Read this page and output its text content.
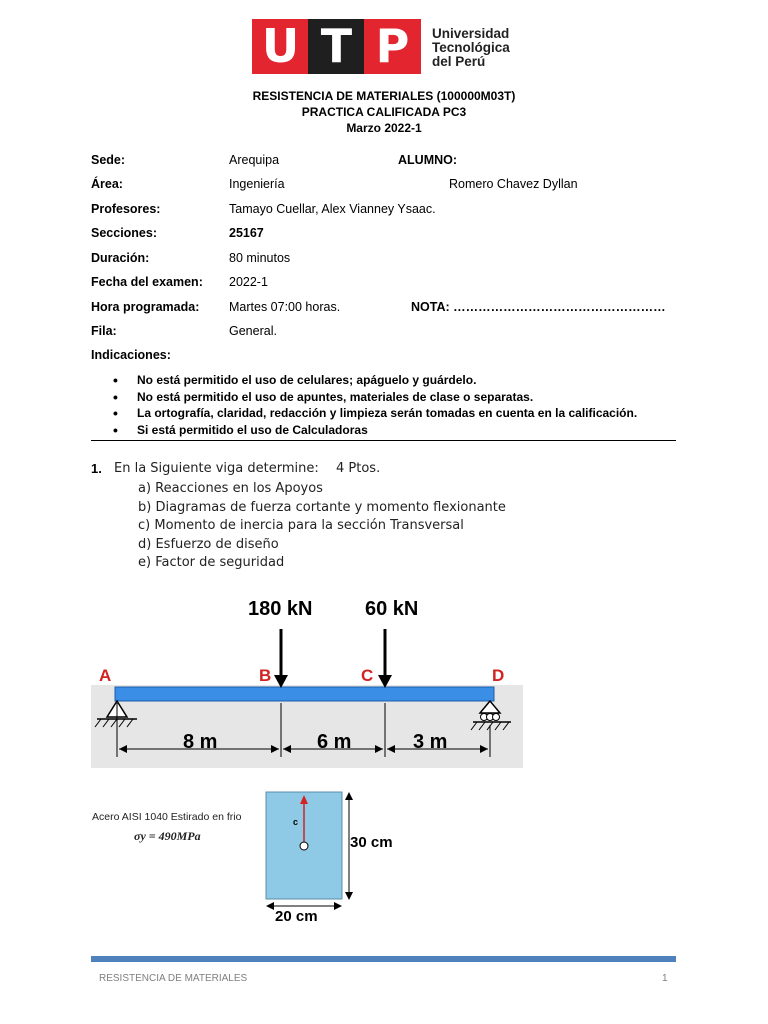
U T P	Universidad
Tecnológica
del Perú
RESISTENCIA DE MATERIALES (100000M03T)
PRACTICA CALIFICADA PC3
Marzo 2022-1
Sede:	Arequipa	ALUMNO:
Área:	Ingeniería	Romero Chavez Dyllan
Profesores:	Tamayo Cuellar, Alex Vianney Ysaac.
Secciones:	25167
Duración:	80 minutos
Fecha del examen: 2022-1
Hora programada: Martes 07:00 horas.	NOTA: ……………………………………………
Fila:	General.
Indicaciones:
• No está permitido el uso de celulares; apáguelo y guárdelo.
• No está permitido el uso de apuntes, materiales de clase o separatas.
• La ortografía, claridad, redacción y limpieza serán tomadas en cuenta en la calificación.
• Si está permitido el uso de Calculadoras
1. En la Siguiente viga determine: 4 Ptos.
a) Reacciones en los Apoyos
b) Diagramas de fuerza cortante y momento flexionante
c) Momento de inercia para la sección Transversal
d) Esfuerzo de diseño
e) Factor de seguridad
180 kN	60 kN
A	B	C	D
8 m	6 m	3 m
Acero AISI 1040 Estirado en frio
σy = 490MPa
c
30 cm
20 cm
RESISTENCIA DE MATERIALES	1
